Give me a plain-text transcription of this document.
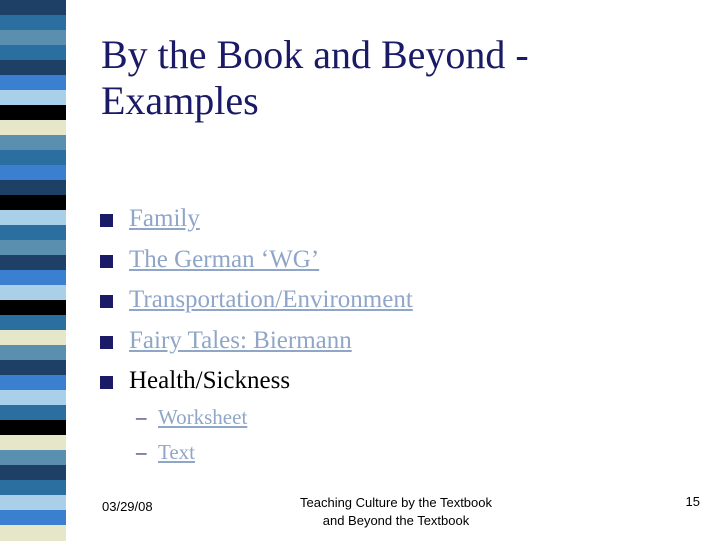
By the Book and Beyond -
Examples
Family
The German ‘WG’
Transportation/Environment
Fairy Tales: Biermann
Health/Sickness
– Worksheet
– Text
03/29/08	Teaching Culture by the Textbook
and Beyond the Textbook
15
